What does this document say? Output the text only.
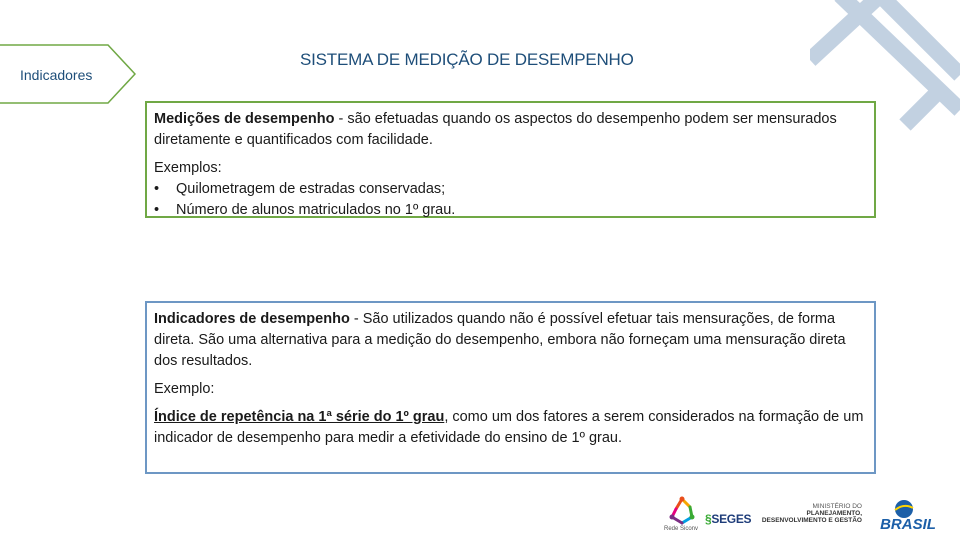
Indicadores
SISTEMA DE MEDIÇÃO DE DESEMPENHO

Medições de desempenho - são efetuadas quando os aspectos do desempenho podem ser mensurados diretamente e quantificados com facilidade.

Exemplos:

•	Quilometragem de estradas conservadas;
•	Número de alunos matriculados no 1º grau.

Indicadores de desempenho - São utilizados quando não é possível efetuar tais mensurações, de forma direta. São uma alternativa para a medição do desempenho, embora não forneçam uma mensuração direta dos resultados.

Exemplo:

Índice de repetência na 1ª série do 1º grau, como um dos fatores a serem considerados na formação de um indicador de desempenho para medir a efetividade do ensino de 1º grau.

Rede Siconv
§SEGES
MINISTÉRIO DO
PLANEJAMENTO,
DESENVOLVIMENTO E GESTÃO BRASIL
